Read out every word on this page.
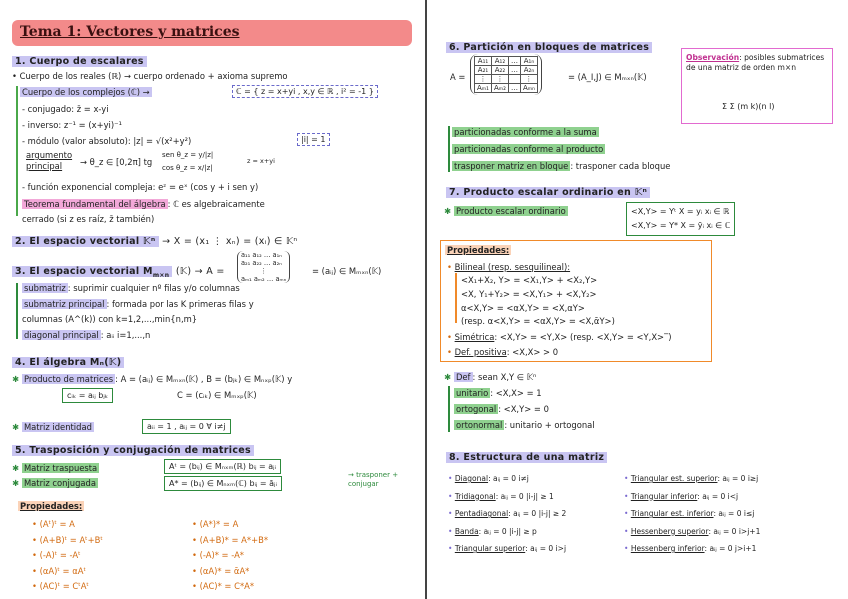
Tema 1: Vectores y matrices
1. Cuerpo de escalares
• Cuerpo de los reales (ℝ) → cuerpo ordenado + axioma supremo
Cuerpo de los complejos (ℂ) →	ℂ = { z = x+yi , x,y ∈ ℝ , i² = -1 }
- conjugado: z̄ = x-yi
- inverso: z⁻¹ = (x+yi)⁻¹
- módulo (valor absoluto): |z| = √(x²+y²)	|i| = 1
argumento principal	→ θ_z ∈ [0,2π] tg
sen θ_z = y/|z|
cos θ_z = x/|z|
z = x+yi
- función exponencial compleja: eᶻ = eˣ (cos y + i sen y)
Teorema fundamental del álgebra : ℂ es algebraicamente
cerrado (si z es raíz, z̄ también)
2. El espacio vectorial 𝕂ⁿ → X = (x₁ ⋮ xₙ) = (xᵢ) ∈ 𝕂ⁿ
3. El espacio vectorial $M_{m\times n}$ (𝕂) → A =
a₁₁ a₁₂ … a₁ₙ
a₂₁ a₂₂ … a₂ₙ
⋮
aₘ₁ aₘ₂ … aₘₙ
= (aᵢⱼ) ∈ Mₘₓₙ(𝕂)
submatriz : suprimir cualquier nº filas y/o columnas
submatriz principal : formada por las K primeras filas y
columnas (A^(k)) con k=1,2,...,min{n,m}
diagonal principal : aᵢᵢ i=1,...,n
4. El álgebra Mₙ(𝕂)
✱ Producto de matrices : A = (aᵢⱼ) ∈ Mₘₓₙ(𝕂) , B = (bⱼₖ) ∈ Mₙₓₚ(𝕂) y
cᵢₖ = aᵢⱼ bⱼₖ	C = (cᵢₖ) ∈ Mₘₓₚ(𝕂)
✱ Matriz identidad	aᵢᵢ = 1 , aᵢⱼ = 0 ∀ i≠j
5. Trasposición y conjugación de matrices
✱ Matriz traspuesta	Aᵗ = (bᵢⱼ) ∈ Mₙₓₘ(ℝ) bᵢⱼ = aⱼᵢ
✱ Matriz conjugada	A* = (bᵢⱼ) ∈ Mₙₓₘ(ℂ) bᵢⱼ = āⱼᵢ
→ trasponer + conjugar
Propiedades:
• (Aᵗ)ᵗ = A
• (A+B)ᵗ = Aᵗ+Bᵗ
• (-A)ᵗ = -Aᵗ
• (αA)ᵗ = αAᵗ
• (AC)ᵗ = CᵗAᵗ
• (A*)* = A
• (A+B)* = A*+B*
• (-A)* = -A*
• (αA)* = ᾱA*
• (AC)* = C*A*
6. Partición en bloques de matrices
A =
A₁₁	A₁₂	…	A₁ₙ
A₂₁	A₂₂	…	A₂ₙ
⋮	⋮		⋮
Aₘ₁	Aₘ₂	…	Aₘₙ
= (A_I,J) ∈ Mₘₓₙ(𝕂)
Observación: posibles submatrices de una matriz de orden m×n
Σ Σ (m k)(n l)
particionadas conforme a la suma
particionadas conforme al producto
trasponer matriz en bloque : trasponer cada bloque
7. Producto escalar ordinario en 𝕂ⁿ
✱ Producto escalar ordinario	<X,Y> = Yᵗ X = yᵢ xᵢ ∈ ℝ
<X,Y> = Y* X = ȳᵢ xᵢ ∈ ℂ
Propiedades:
• Bilineal (resp. sesquilineal):
<X₁+X₂, Y> = <X₁,Y> + <X₂,Y>
<X, Y₁+Y₂> = <X,Y₁> + <X,Y₂>
α<X,Y> = <αX,Y> = <X,αY>
(resp. α<X,Y> = <αX,Y> = <X,ᾱY>)
• Simétrica: <X,Y> = <Y,X> (resp. <X,Y> = <Y,X>‾)
• Def. positiva: <X,X> > 0
✱ Def : sean X,Y ∈ 𝕂ⁿ
unitario : <X,X> = 1
ortogonal : <X,Y> = 0
ortonormal : unitario + ortogonal
8. Estructura de una matriz
• Diagonal: aᵢⱼ = 0 i≠j
• Tridiagonal: aᵢⱼ = 0 |i-j| ≥ 1
• Pentadiagonal: aᵢⱼ = 0 |i-j| ≥ 2
• Banda: aᵢⱼ = 0 |i-j| ≥ p
• Triangular superior: aᵢⱼ = 0 i>j
• Triangular est. superior: aᵢⱼ = 0 i≥j
• Triangular inferior: aᵢⱼ = 0 i<j
• Triangular est. inferior: aᵢⱼ = 0 i≤j
• Hessenberg superior: aᵢⱼ = 0 i>j+1
• Hessenberg inferior: aᵢⱼ = 0 j>i+1
